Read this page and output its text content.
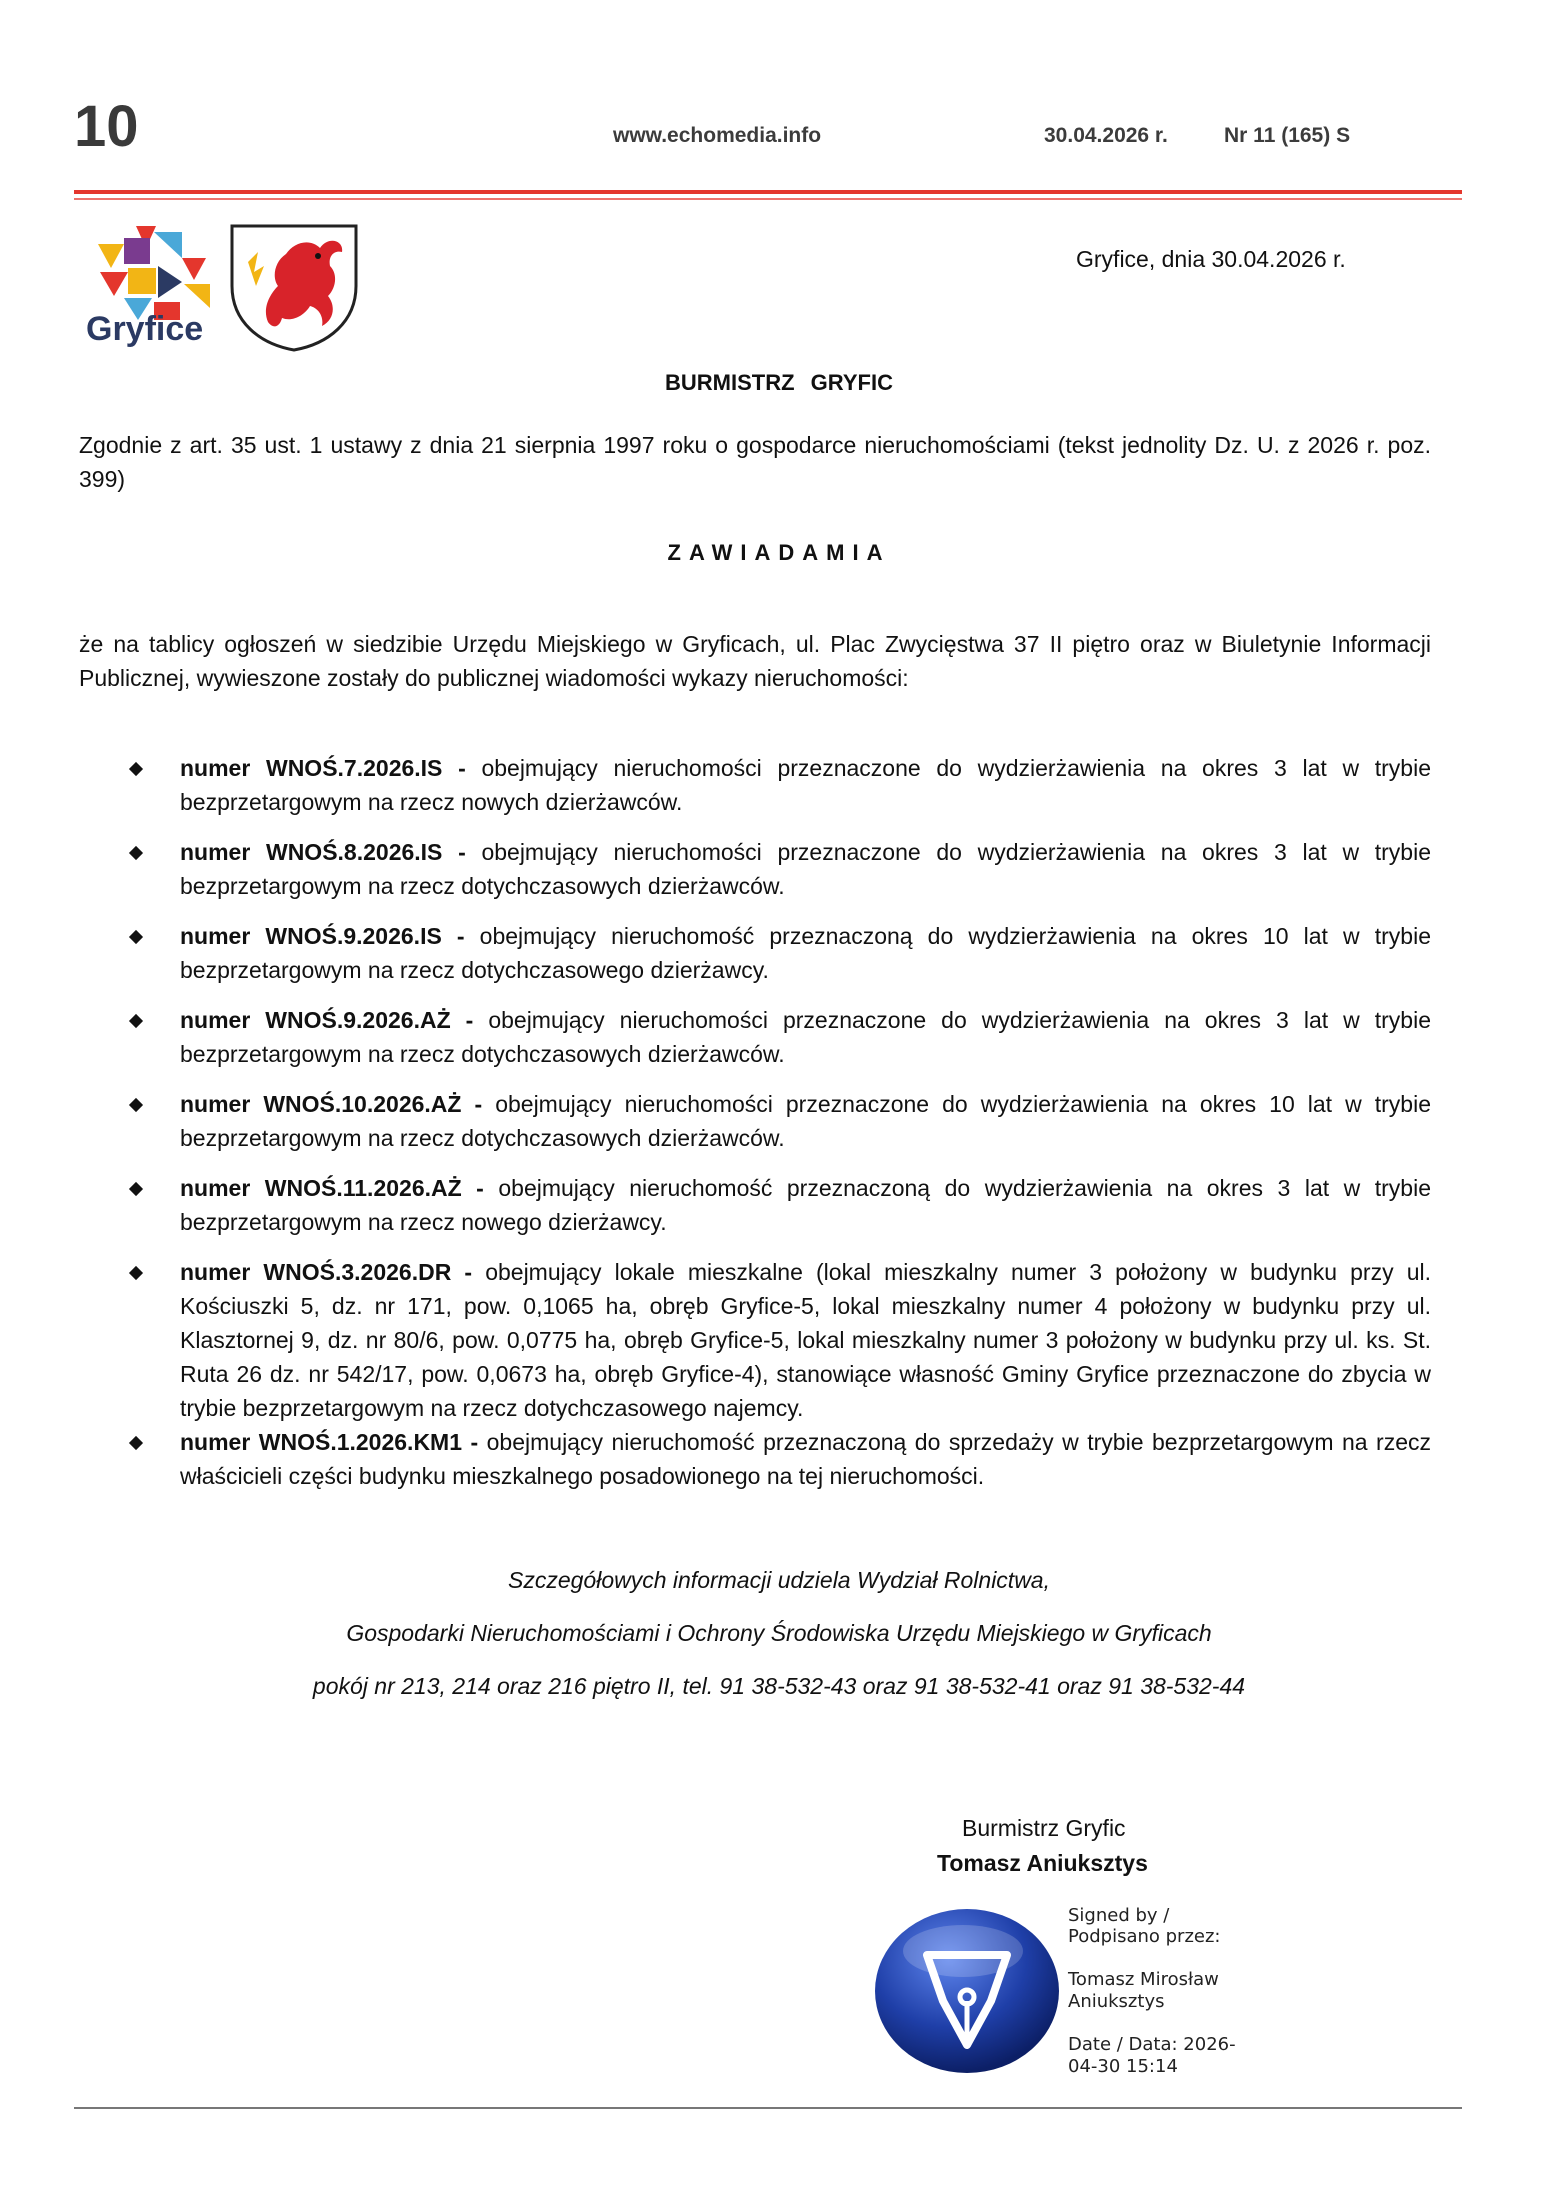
10	www.echomedia.info	30.04.2026 r.	Nr 11 (165) S
Gryfice
Gryfice, dnia 30.04.2026 r.
BURMISTRZ GRYFIC
Zgodnie z art. 35 ust. 1 ustawy z dnia 21 sierpnia 1997 roku o gospodarce nieruchomościami (tekst jednolity Dz. U. z 2026 r. poz. 399)
ZAWIADAMIA
że na tablicy ogłoszeń w siedzibie Urzędu Miejskiego w Gryficach, ul. Plac Zwycięstwa 37 II piętro oraz w Biuletynie Informacji Publicznej, wywieszone zostały do publicznej wiadomości wykazy nieruchomości:
numer WNOŚ.7.2026.IS - obejmujący nieruchomości przeznaczone do wydzierżawienia na okres 3 lat w trybie bezprzetargowym na rzecz nowych dzierżawców.
numer WNOŚ.8.2026.IS - obejmujący nieruchomości przeznaczone do wydzierżawienia na okres 3 lat w trybie bezprzetargowym na rzecz dotychczasowych dzierżawców.
numer WNOŚ.9.2026.IS - obejmujący nieruchomość przeznaczoną do wydzierżawienia na okres 10 lat w trybie bezprzetargowym na rzecz dotychczasowego dzierżawcy.
numer WNOŚ.9.2026.AŻ - obejmujący nieruchomości przeznaczone do wydzierżawienia na okres 3 lat w trybie bezprzetargowym na rzecz dotychczasowych dzierżawców.
numer WNOŚ.10.2026.AŻ - obejmujący nieruchomości przeznaczone do wydzierżawienia na okres 10 lat w trybie bezprzetargowym na rzecz dotychczasowych dzierżawców.
numer WNOŚ.11.2026.AŻ - obejmujący nieruchomość przeznaczoną do wydzierżawienia na okres 3 lat w trybie bezprzetargowym na rzecz nowego dzierżawcy.
numer WNOŚ.3.2026.DR - obejmujący lokale mieszkalne (lokal mieszkalny numer 3 położony w budynku przy ul. Kościuszki 5, dz. nr 171, pow. 0,1065 ha, obręb Gryfice-5, lokal mieszkalny numer 4 położony w budynku przy ul. Klasztornej 9, dz. nr 80/6, pow. 0,0775 ha, obręb Gryfice-5, lokal mieszkalny numer 3 położony w budynku przy ul. ks. St. Ruta 26 dz. nr 542/17, pow. 0,0673 ha, obręb Gryfice-4), stanowiące własność Gminy Gryfice przeznaczone do zbycia w trybie bezprzetargowym na rzecz dotychczasowego najemcy.
numer WNOŚ.1.2026.KM1 - obejmujący nieruchomość przeznaczoną do sprzedaży w trybie bezprzetargowym na rzecz właścicieli części budynku mieszkalnego posadowionego na tej nieruchomości.
Szczegółowych informacji udziela Wydział Rolnictwa,
Gospodarki Nieruchomościami i Ochrony Środowiska Urzędu Miejskiego w Gryficach
pokój nr 213, 214 oraz 216 piętro II, tel. 91 38-532-43 oraz 91 38-532-41 oraz 91 38-532-44
Burmistrz Gryfic
Tomasz Aniuksztys
Signed by /
Podpisano przez:
Tomasz Mirosław
Aniuksztys
Date / Data: 2026-
04-30 15:14
